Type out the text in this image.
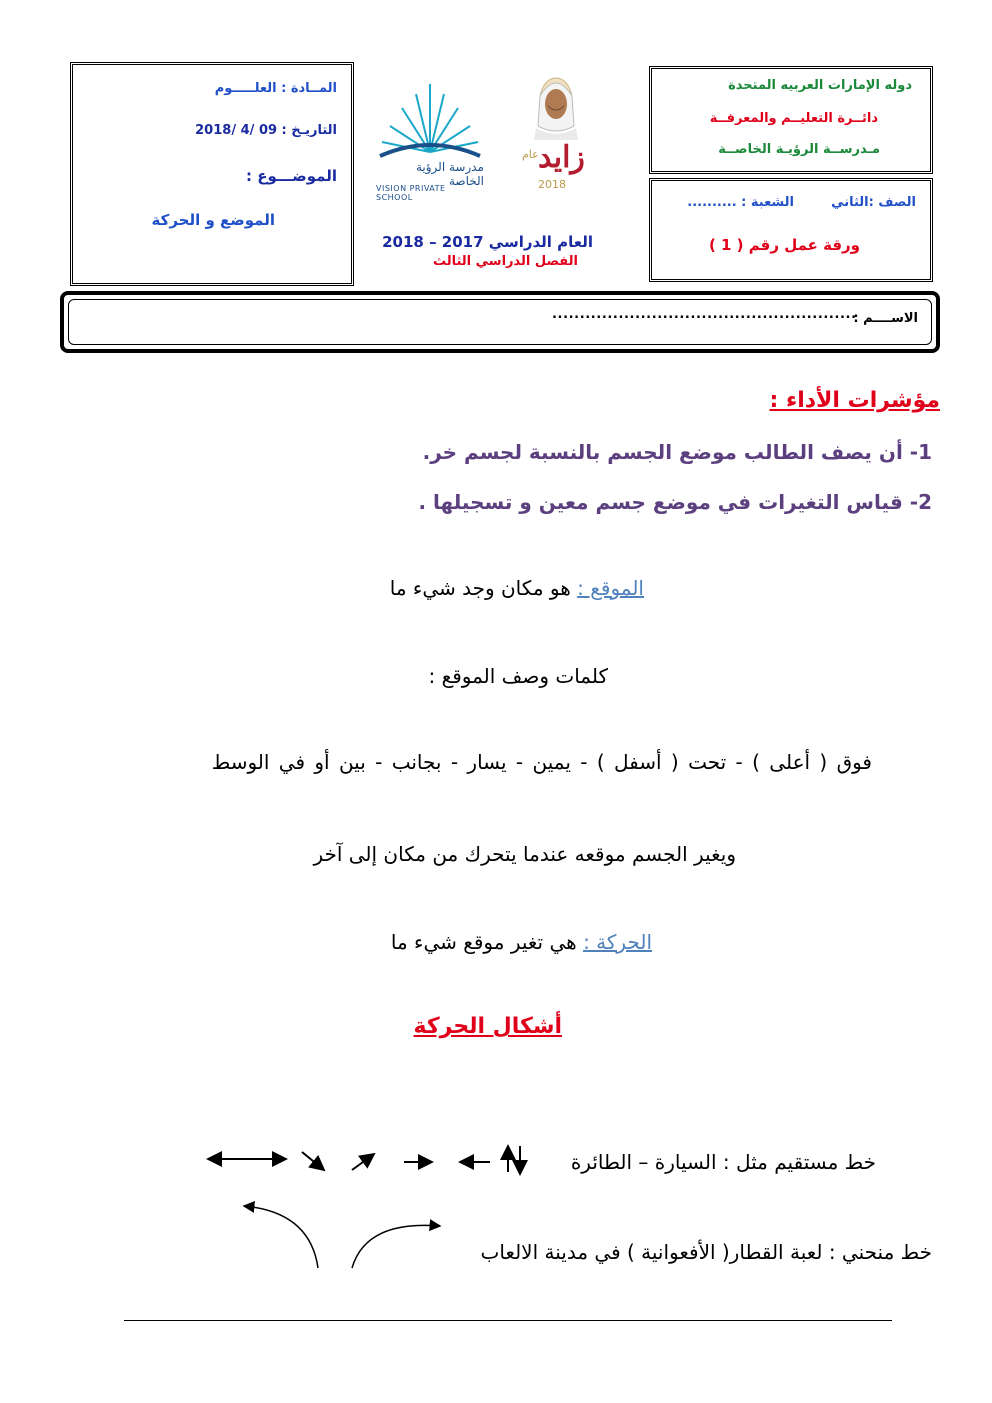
دوله الإمارات العربيه المتحدة
دائــرة التعليــم والمعرفــة
مـدرســة الرؤيـة الخاصــة
الصف :الثاني
الشعبة : ..........
ورقة عمل رقم ( 1 )
عام زايد
2018
مدرسة الرؤية الخاصة
VISION PRIVATE SCHOOL
العام الدراسي 2017 – 2018
الفصل الدراسي الثالث
المــادة : العلـــــوم
التاريـخ : 09 /4 /2018
الموضـــوع :
الموضع و الحركة
الاســــم :
.......................................................
مؤشرات الأداء :
1- أن يصف الطالب موضع الجسم بالنسبة لجسم خر.
2- قياس التغيرات في موضع جسم معين و تسجيلها .
الموقع : هو مكان وجد شيء ما
كلمات وصف الموقع :
فوق ( أعلى ) - تحت ( أسفل ) - يمين - يسار - بجانب - بين أو في الوسط
ويغير الجسم موقعه عندما يتحرك من مكان إلى آخر
الحركة : هي تغير موقع شيء ما
أشكال الحركة
خط مستقيم مثل : السيارة – الطائرة
خط منحني : لعبة القطار( الأفعوانية ) في مدينة الالعاب
